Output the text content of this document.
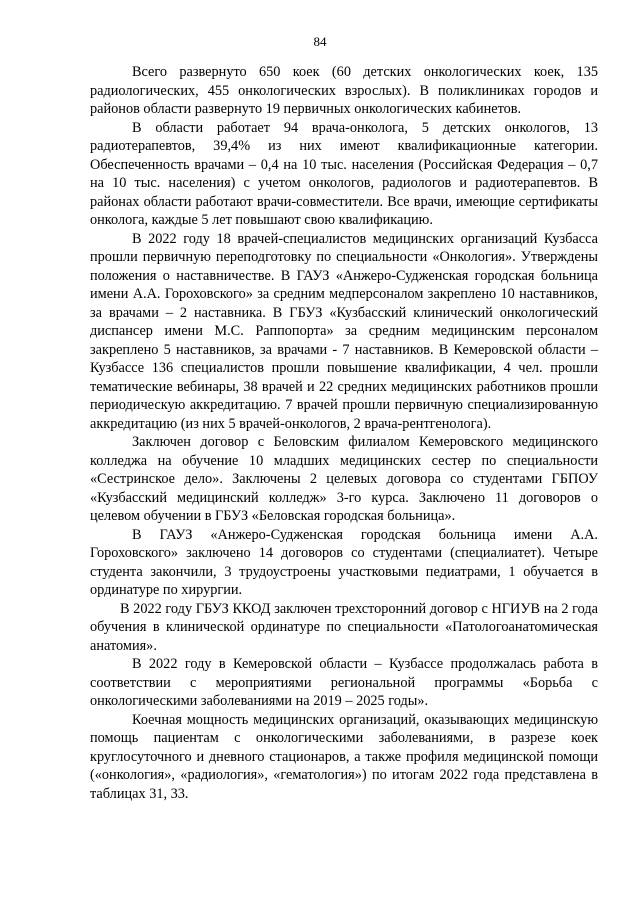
84

Всего развернуто 650 коек (60 детских онкологических коек, 135 радиологических, 455 онкологических взрослых). В поликлиниках городов и районов области развернуто 19 первичных онкологических кабинетов.

В области работает 94 врача-онколога, 5 детских онкологов, 13 радиотерапевтов, 39,4% из них имеют квалификационные категории. Обеспеченность врачами – 0,4 на 10 тыс. населения (Российская Федерация – 0,7 на 10 тыс. населения) с учетом онкологов, радиологов и радиотерапевтов. В районах области работают врачи-совместители. Все врачи, имеющие сертификаты онколога, каждые 5 лет повышают свою квалификацию.

В 2022 году 18 врачей-специалистов медицинских организаций Кузбасса прошли первичную переподготовку по специальности «Онкология». Утверждены положения о наставничестве. В ГАУЗ «Анжеро-Судженская городская больница имени А.А. Гороховского» за средним медперсоналом закреплено 10 наставников, за врачами – 2 наставника. В ГБУЗ «Кузбасский клинический онкологический диспансер имени М.С. Раппопорта» за средним медицинским персоналом закреплено 5 наставников, за врачами - 7 наставников. В Кемеровской области – Кузбассе 136 специалистов прошли повышение квалификации, 4 чел. прошли тематические вебинары, 38 врачей и 22 средних медицинских работников прошли периодическую аккредитацию. 7 врачей прошли первичную специализированную аккредитацию (из них 5 врачей-онкологов, 2 врача-рентгенолога).

Заключен договор с Беловским филиалом Кемеровского медицинского колледжа на обучение 10 младших медицинских сестер по специальности «Сестринское дело». Заключены 2 целевых договора со студентами ГБПОУ «Кузбасский медицинский колледж» 3-го курса. Заключено 11 договоров о целевом обучении в ГБУЗ «Беловская городская больница».

В ГАУЗ «Анжеро-Судженская городская больница имени А.А. Гороховского» заключено 14 договоров со студентами (специалиатет). Четыре студента закончили, 3 трудоустроены участковыми педиатрами, 1 обучается в ординатуре по хирургии.

В 2022 году ГБУЗ ККОД заключен трехсторонний договор с НГИУВ на 2 года обучения в клинической ординатуре по специальности «Патологоанатомическая анатомия».

В 2022 году в Кемеровской области – Кузбассе продолжалась работа в соответствии с мероприятиями региональной программы «Борьба с онкологическими заболеваниями на 2019 – 2025 годы».

Коечная мощность медицинских организаций, оказывающих медицинскую помощь пациентам с онкологическими заболеваниями, в разрезе коек круглосуточного и дневного стационаров, а также профиля медицинской помощи («онкология», «радиология», «гематология») по итогам 2022 года представлена в таблицах 31, 33.
